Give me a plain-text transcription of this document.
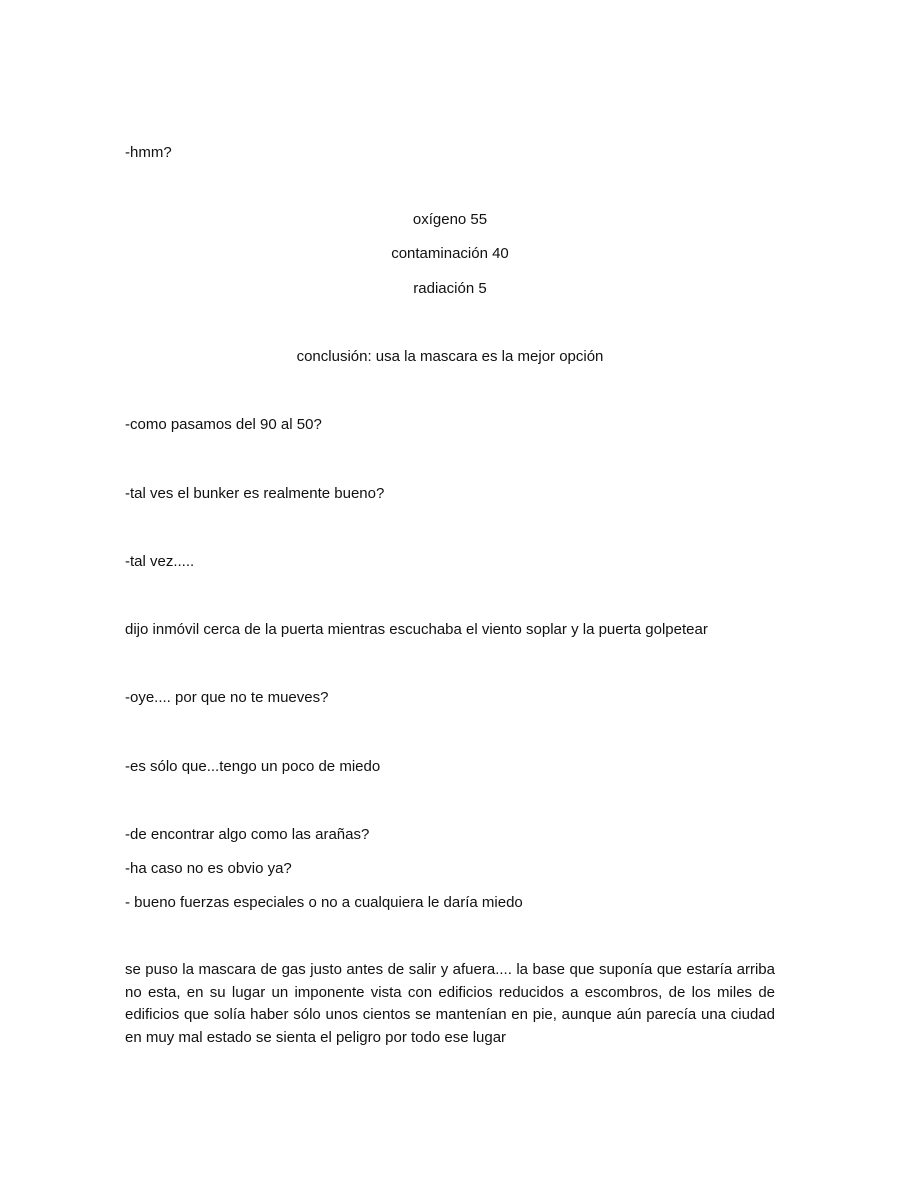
-hmm?
oxígeno 55
contaminación 40
radiación 5
conclusión: usa la mascara es la mejor opción
-como pasamos del 90 al 50?
-tal ves el bunker es realmente bueno?
-tal vez.....
dijo inmóvil cerca de la puerta mientras escuchaba el viento soplar y la puerta golpetear
-oye.... por que no te mueves?
-es sólo que...tengo un poco de miedo
-de encontrar algo como las arañas?
-ha caso no es obvio ya?
- bueno fuerzas especiales o no a cualquiera le daría miedo
se puso la mascara de gas justo antes de salir y afuera.... la base que suponía que estaría arriba no esta, en su lugar un imponente vista con edificios reducidos a escombros, de los miles de edificios que solía haber sólo unos cientos se mantenían en pie, aunque aún parecía una ciudad en muy mal estado se sienta el peligro por todo ese lugar
